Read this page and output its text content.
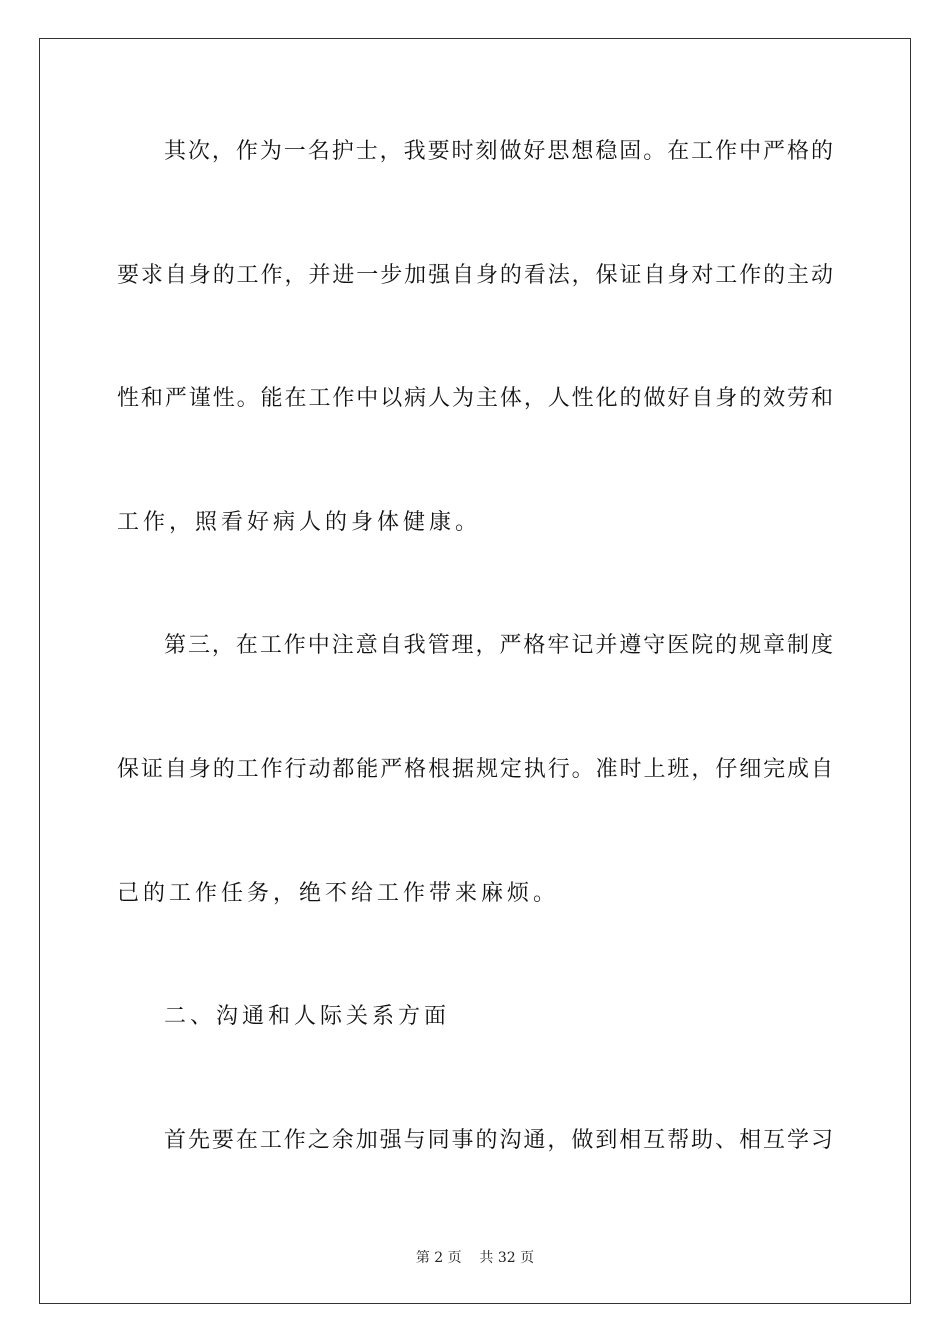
其次，作为一名护士，我要时刻做好思想稳固。在工作中严格的
要求自身的工作，并进一步加强自身的看法，保证自身对工作的主动
性和严谨性。能在工作中以病人为主体，人性化的做好自身的效劳和
工作，照看好病人的身体健康。
第三，在工作中注意自我管理，严格牢记并遵守医院的规章制度
保证自身的工作行动都能严格根据规定执行。准时上班，仔细完成自
己的工作任务，绝不给工作带来麻烦。
二、沟通和人际关系方面
首先要在工作之余加强与同事的沟通，做到相互帮助、相互学习
第 2 页    共 32 页
